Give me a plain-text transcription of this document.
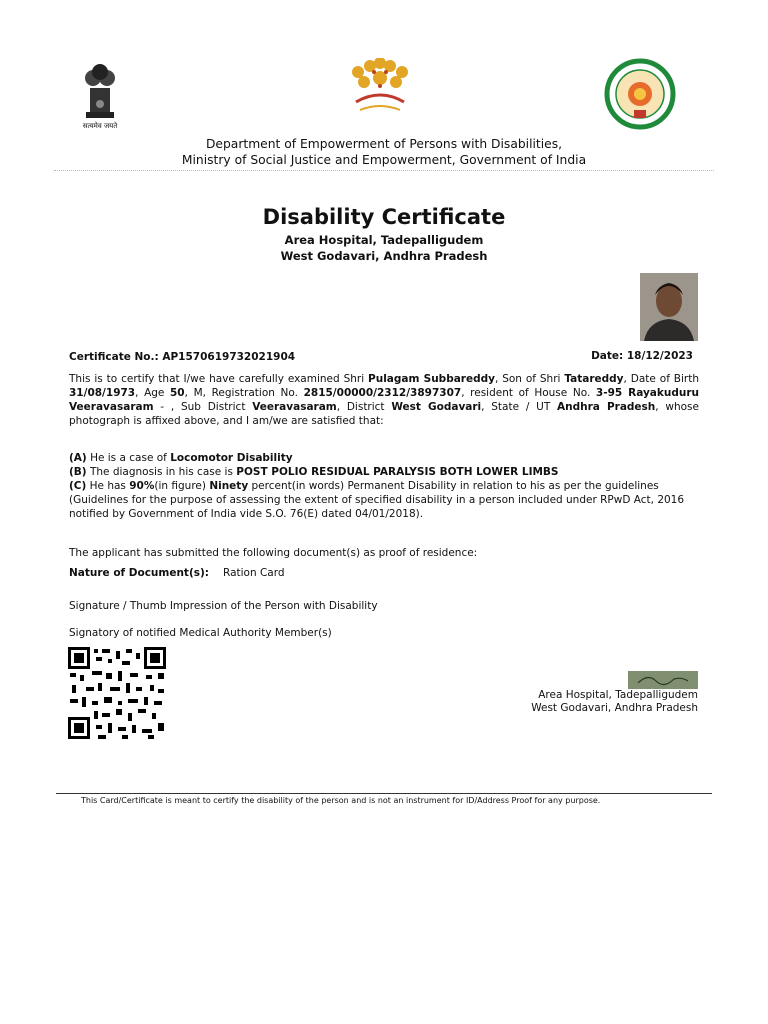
सत्यमेव जयते
Department of Empowerment of Persons with Disabilities,
Ministry of Social Justice and Empowerment, Government of India
Disability Certificate
Area Hospital, Tadepalligudem
West Godavari, Andhra Pradesh
Certificate No.: AP1570619732021904	Date: 18/12/2023
This is to certify that I/we have carefully examined Shri Pulagam Subbareddy, Son of Shri Tatareddy, Date of Birth 31/08/1973, Age 50, M, Registration No. 2815/00000/2312/3897307, resident of House No. 3-95 Rayakuduru Veeravasaram - , Sub District Veeravasaram, District West Godavari, State / UT Andhra Pradesh, whose photograph is affixed above, and I am/we are satisfied that:
(A) He is a case of Locomotor Disability
(B) The diagnosis in his case is POST POLIO RESIDUAL PARALYSIS BOTH LOWER LIMBS
(C) He has 90%(in figure) Ninety percent(in words) Permanent Disability in relation to his as per the guidelines (Guidelines for the purpose of assessing the extent of specified disability in a person included under RPwD Act, 2016 notified by Government of India vide S.O. 76(E) dated 04/01/2018).
The applicant has submitted the following document(s) as proof of residence:
Nature of Document(s): Ration Card
Signature / Thumb Impression of the Person with Disability
Signatory of notified Medical Authority Member(s)
Area Hospital, Tadepalligudem
West Godavari, Andhra Pradesh
This Card/Certificate is meant to certify the disability of the person and is not an instrument for ID/Address Proof for any purpose.
